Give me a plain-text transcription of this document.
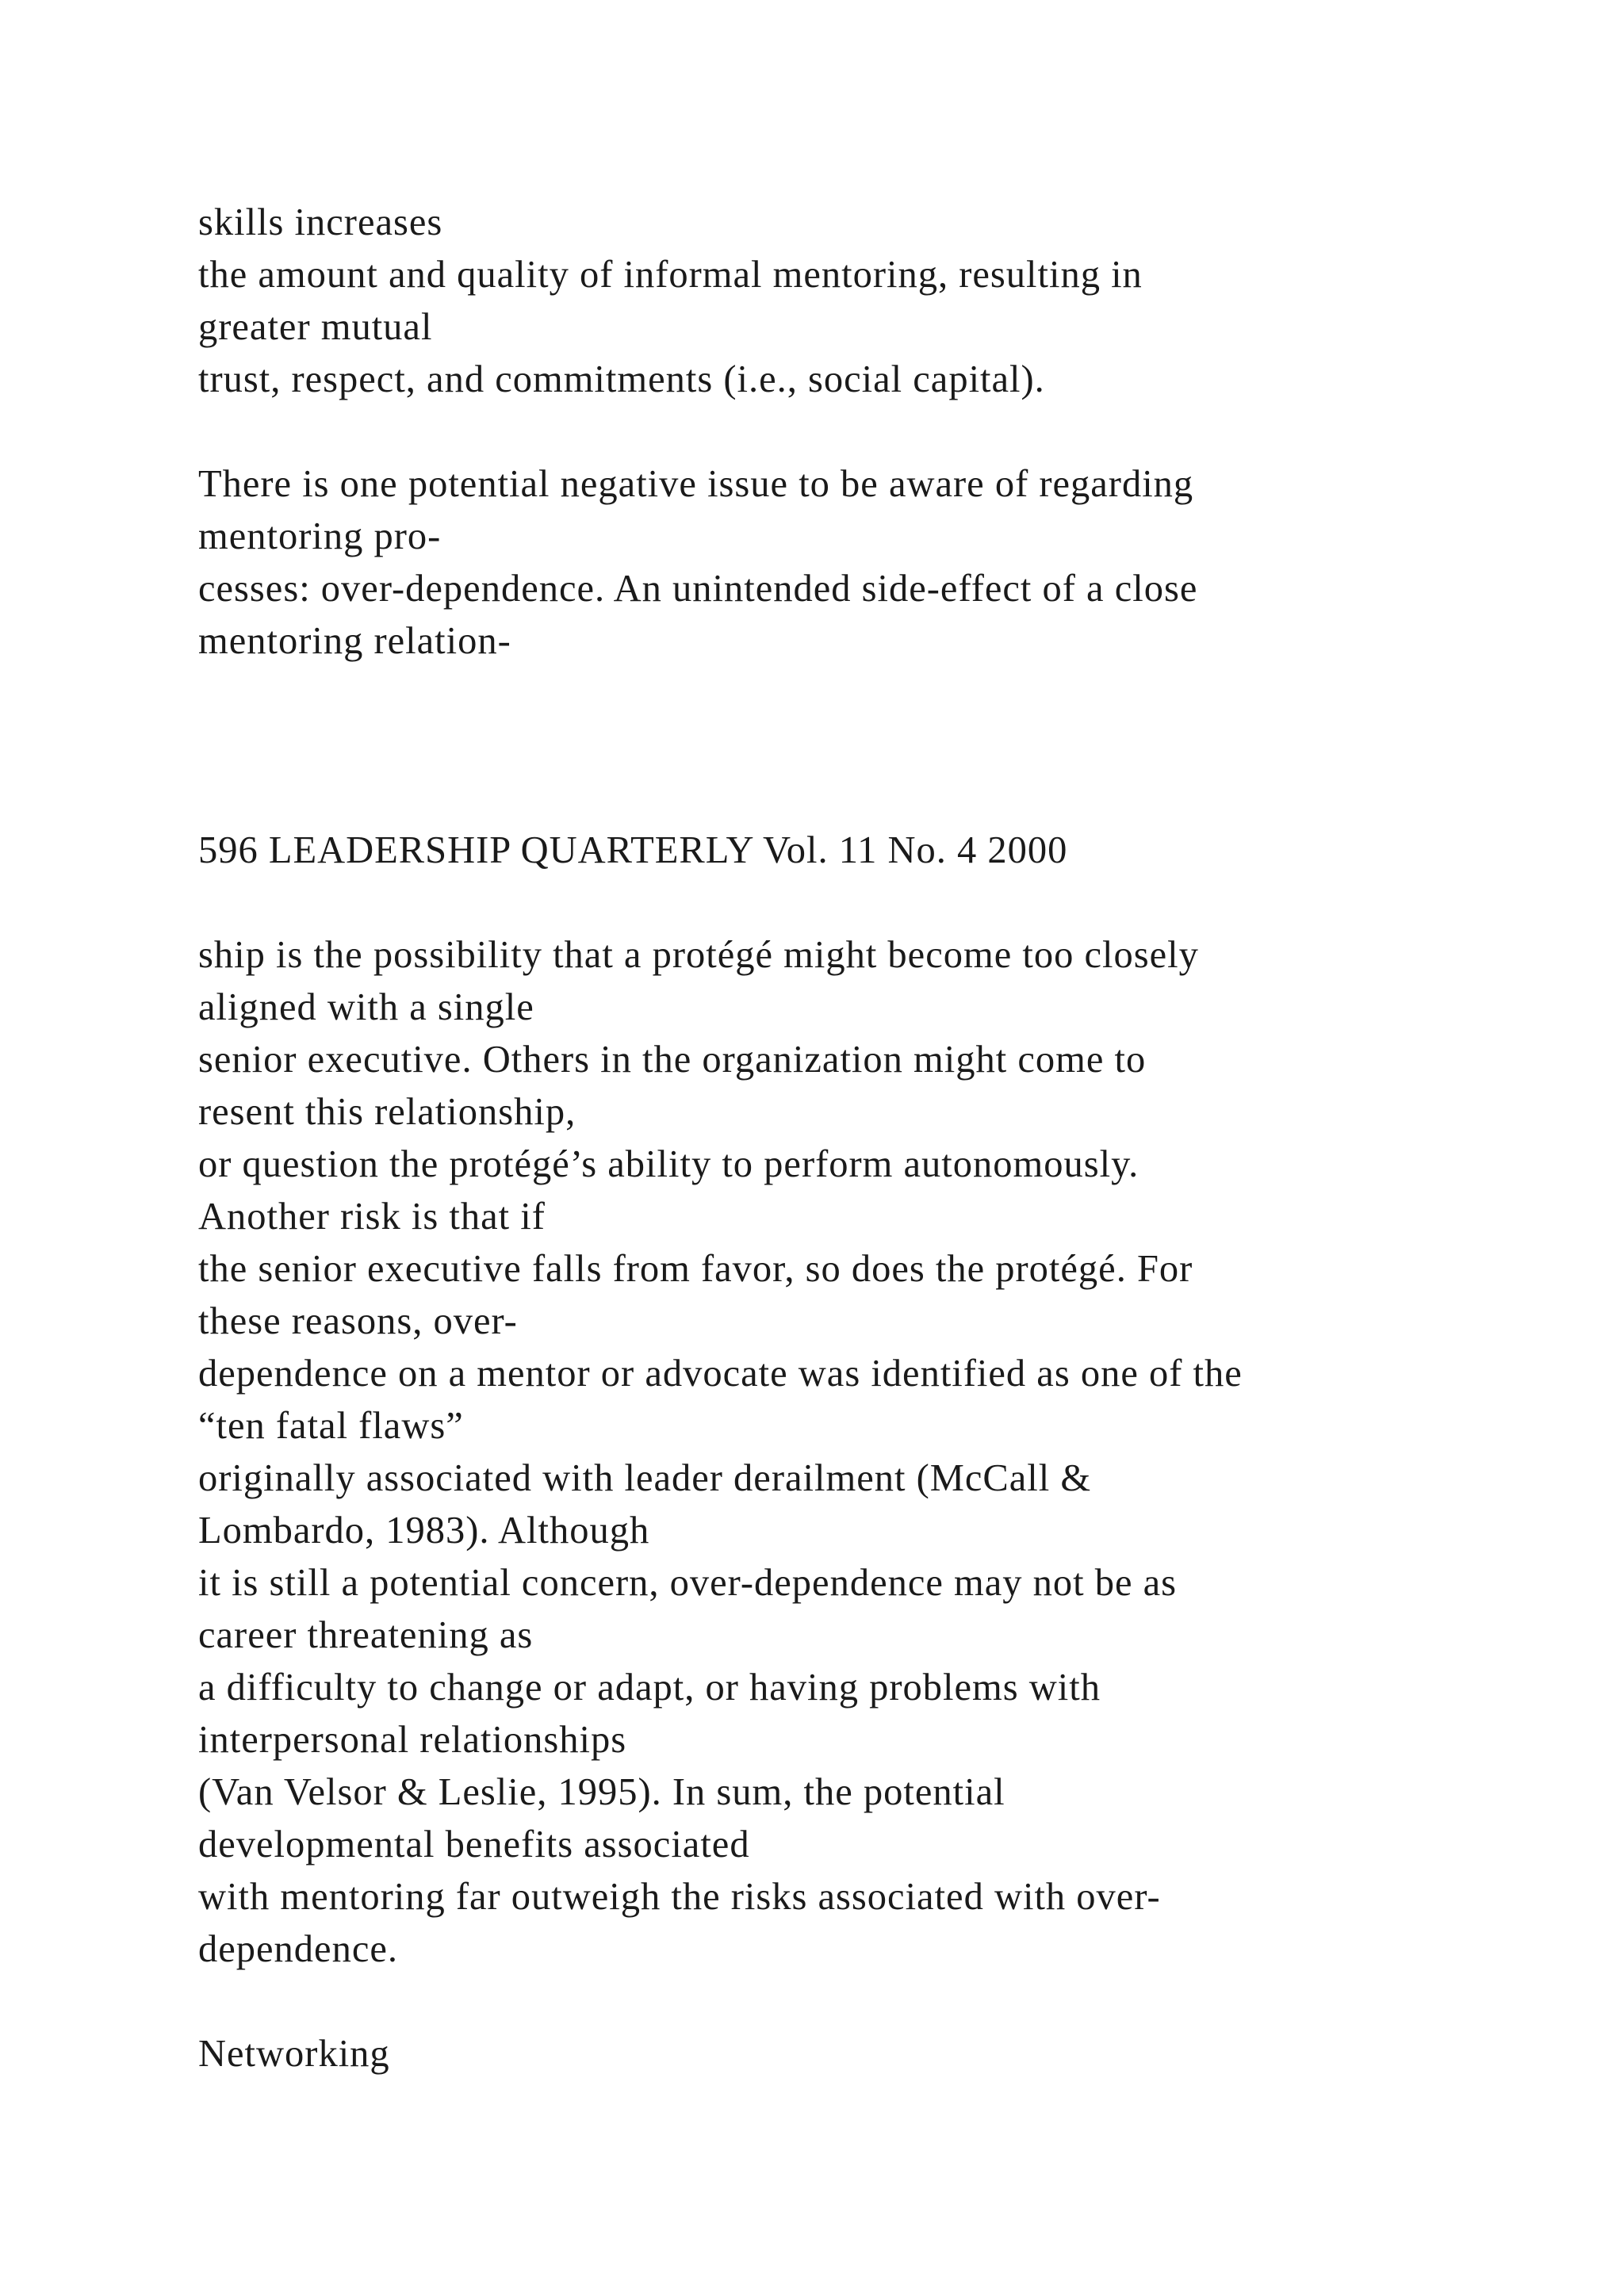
skills increases
the amount and quality of informal mentoring, resulting in
greater mutual
trust, respect, and commitments (i.e., social capital).
There is one potential negative issue to be aware of regarding
mentoring pro-
cesses: over-dependence. An unintended side-effect of a close
mentoring relation-
596 LEADERSHIP QUARTERLY Vol. 11 No. 4 2000
ship is the possibility that a protégé might become too closely
aligned with a single
senior executive. Others in the organization might come to
resent this relationship,
or question the protégé’s ability to perform autonomously.
Another risk is that if
the senior executive falls from favor, so does the protégé. For
these reasons, over-
dependence on a mentor or advocate was identified as one of the
“ten fatal flaws”
originally associated with leader derailment (McCall &
Lombardo, 1983). Although
it is still a potential concern, over-dependence may not be as
career threatening as
a difficulty to change or adapt, or having problems with
interpersonal relationships
(Van Velsor & Leslie, 1995). In sum, the potential
developmental benefits associated
with mentoring far outweigh the risks associated with over-
dependence.
Networking
